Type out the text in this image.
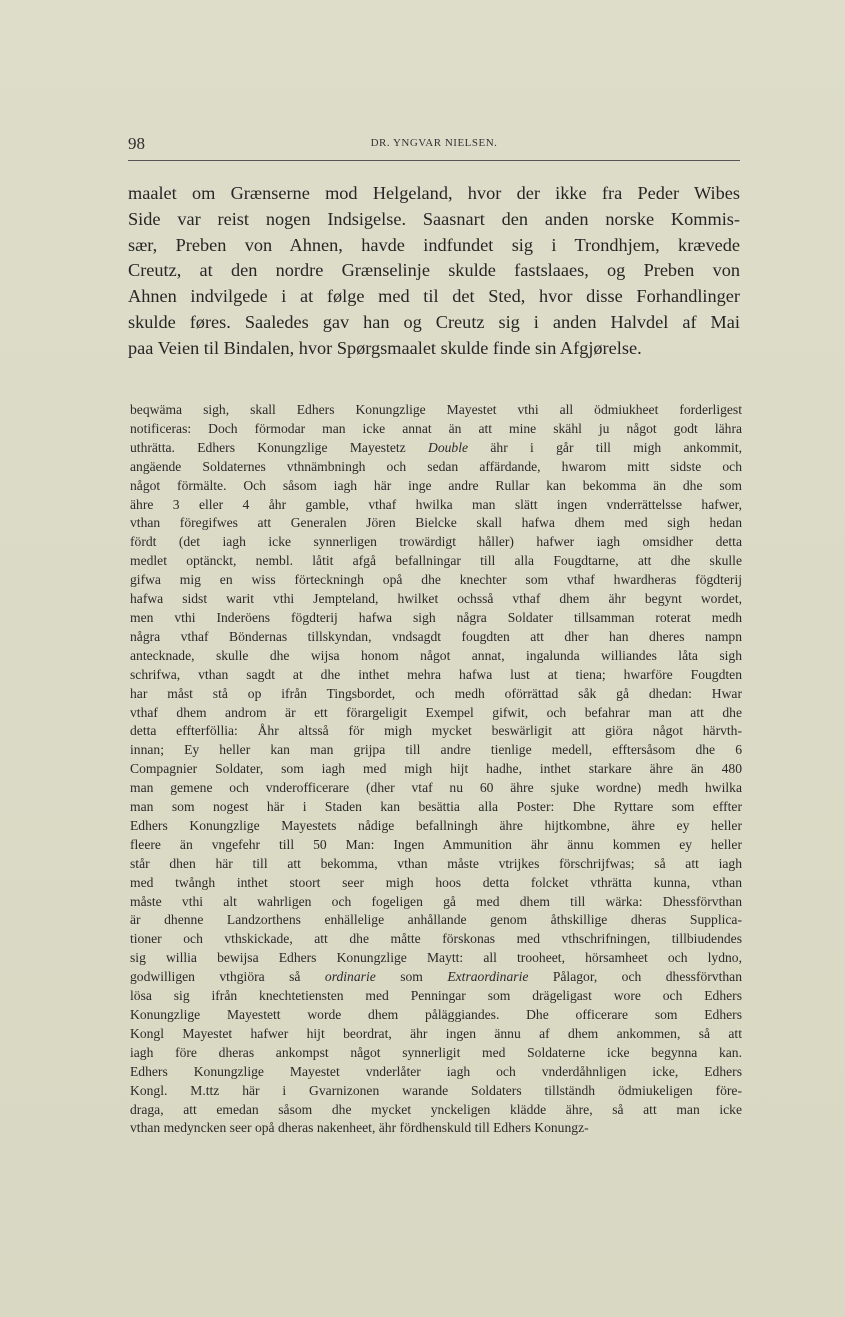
98	DR. YNGVAR NIELSEN.
maalet om Grænserne mod Helgeland, hvor der ikke fra Peder Wibes
Side var reist nogen Indsigelse. Saasnart den anden norske Kommis-
sær, Preben von Ahnen, havde indfundet sig i Trondhjem, krævede
Creutz, at den nordre Grænselinje skulde fastslaaes, og Preben von
Ahnen indvilgede i at følge med til det Sted, hvor disse Forhandlinger
skulde føres. Saaledes gav han og Creutz sig i anden Halvdel af Mai
paa Veien til Bindalen, hvor Spørgsmaalet skulde finde sin Afgjørelse.
beqwäma sigh, skall Edhers Konungzlige Mayestet vthi all ödmiukheet forderligest
notificeras: Doch förmodar man icke annat än att mine skähl ju något godt lähra
uthrätta. Edhers Konungzlige Mayestetz Double ähr i går till migh ankommit,
angäende Soldaternes vthnämbningh och sedan affärdande, hwarom mitt sidste och
något förmälte. Och såsom iagh här inge andre Rullar kan bekomma än dhe som
ähre 3 eller 4 åhr gamble, vthaf hwilka man slätt ingen vnderrättelsse hafwer,
vthan föregifwes att Generalen Jören Bielcke skall hafwa dhem med sigh hedan
fördt (det iagh icke synnerligen trowärdigt håller) hafwer iagh omsidher detta
medlet optänckt, nembl. låtit afgå befallningar till alla Fougdtarne, att dhe skulle
gifwa mig en wiss förteckningh opå dhe knechter som vthaf hwardheras fögdterij
hafwa sidst warit vthi Jempteland, hwilket ochsså vthaf dhem ähr begynt wordet,
men vthi Inderöens fögdterij hafwa sigh några Soldater tillsamman roterat medh
några vthaf Böndernas tillskyndan, vndsagdt fougdten att dher han dheres nampn
antecknade, skulle dhe wijsa honom något annat, ingalunda williandes låta sigh
schrifwa, vthan sagdt at dhe inthet mehra hafwa lust at tiena; hwarföre Fougdten
har måst stå op ifrån Tingsbordet, och medh oförrättad såk gå dhedan: Hwar
vthaf dhem androm är ett förargeligit Exempel gifwit, och befahrar man att dhe
detta effterföllia: Åhr altsså för migh mycket beswärligit att giöra något härvth-
innan; Ey heller kan man grijpa till andre tienlige medell, efftersåsom dhe 6
Compagnier Soldater, som iagh med migh hijt hadhe, inthet starkare ähre än 480
man gemene och vnderofficerare (dher vtaf nu 60 ähre sjuke wordne) medh hwilka
man som nogest här i Staden kan besättia alla Poster: Dhe Ryttare som effter
Edhers Konungzlige Mayestets nådige befallningh ähre hijtkombne, ähre ey heller
fleere än vngefehr till 50 Man: Ingen Ammunition ähr ännu kommen ey heller
står dhen här till att bekomma, vthan måste vtrijkes förschrijfwas; så att iagh
med twångh inthet stoort seer migh hoos detta folcket vthrätta kunna, vthan
måste vthi alt wahrligen och fogeligen gå med dhem till wärka: Dhessförvthan
är dhenne Landzorthens enhällelige anhållande genom åthskillige dheras Supplica-
tioner och vthskickade, att dhe måtte förskonas med vthschrifningen, tillbiudendes
sig willia bewijsa Edhers Konungzlige Maytt: all trooheet, hörsamheet och lydno,
godwilligen vthgiöra så ordinarie som Extraordinarie Pålagor, och dhessförvthan
lösa sig ifrån knechtetiensten med Penningar som drägeligast wore och Edhers
Konungzlige Mayestett worde dhem påläggiandes. Dhe officerare som Edhers
Kongl Mayestet hafwer hijt beordrat, ähr ingen ännu af dhem ankommen, så att
iagh före dheras ankompst något synnerligit med Soldaterne icke begynna kan.
Edhers Konungzlige Mayestet vnderlåter iagh och vnderdåhnligen icke, Edhers
Kongl. M.ttz här i Gvarnizonen warande Soldaters tillständh ödmiukeligen före-
draga, att emedan såsom dhe mycket ynckeligen klädde ähre, så att man icke
vthan medyncken seer opå dheras nakenheet, ähr fördhenskuld till Edhers Konungz-
